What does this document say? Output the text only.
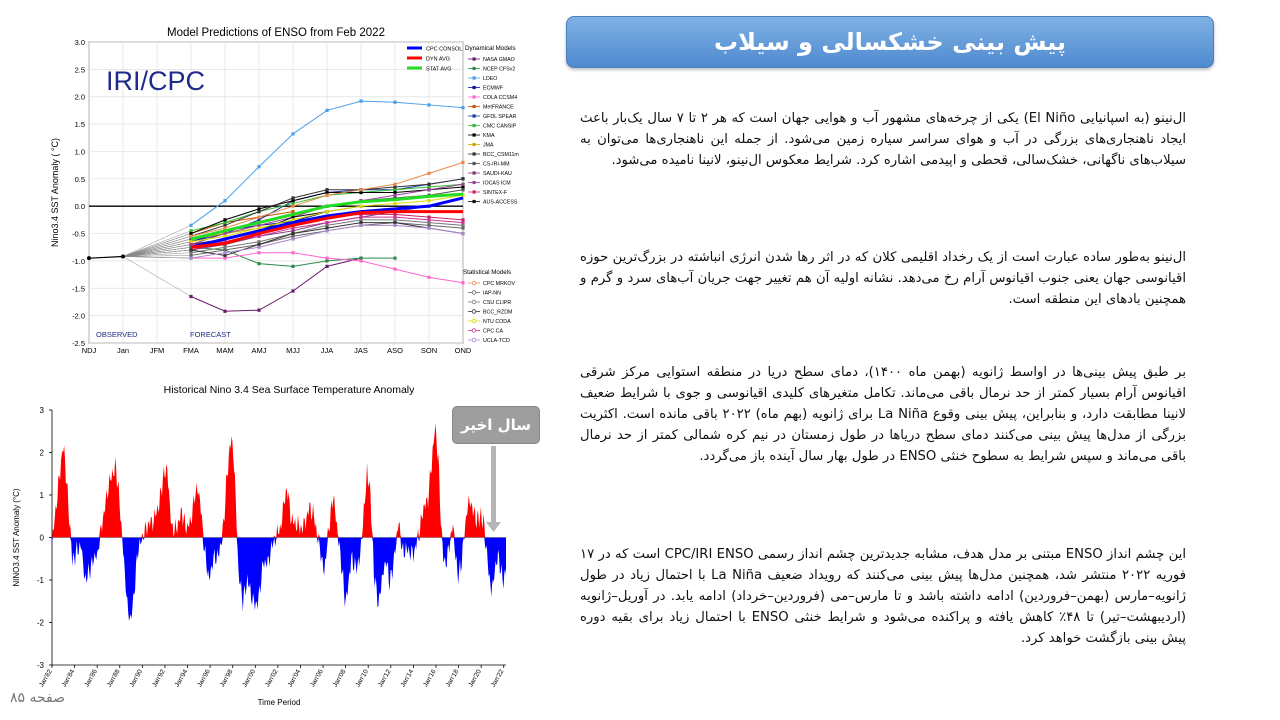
پیش بینی خشکسالی و سیلاب

ال‌نینو (به اسپانیایی El Niño) یکی از چرخه‌های مشهور آب و هوایی جهان است که هر ۲ تا ۷ سال یک‌بار باعث ایجاد ناهنجاری‌های بزرگی در آب و هوای سراسر سیاره زمین می‌شود. از جمله این ناهنجاری‌ها می‌توان به سیلاب‌های ناگهانی، خشک‌سالی، قحطی و اپیدمی اشاره کرد. شرایط معکوس ال‌نینو، لانینا نامیده می‌شود.

ال‌نینو به‌طور ساده عبارت است از یک رخداد اقلیمی کلان که در اثر رها شدن انرژی انباشته در بزرگ‌ترین حوزه اقیانوسی جهان یعنی جنوب اقیانوس آرام رخ می‌دهد. نشانه اولیه آن هم تغییر جهت جریان آب‌های سرد و گرم و همچنین بادهای این منطقه است.

بر طبق پیش بینی‌ها در اواسط ژانویه (بهمن ماه ۱۴۰۰)، دمای سطح دریا در منطقه استوایی مرکز شرقی اقیانوس آرام بسیار کمتر از حد نرمال باقی می‌ماند. تکامل متغیرهای کلیدی اقیانوسی و جوی با شرایط ضعیف لانینا مطابقت دارد، و بنابراین، پیش بینی وقوع La Niña برای ژانویه (بهم ماه) ۲۰۲۲ باقی مانده است. اکثریت بزرگی از مدل‌ها پیش بینی می‌کنند دمای سطح دریاها در طول زمستان در نیم کره شمالی کمتر از حد نرمال باقی می‌ماند و سپس شرایط به سطوح خنثی ENSO در طول بهار سال آینده باز می‌گردد.

این چشم انداز ENSO مبتنی بر مدل هدف، مشابه جدیدترین چشم انداز رسمی CPC/IRI ENSO است که در ۱۷ فوریه ۲۰۲۲ منتشر شد، همچنین مدل‌ها پیش بینی می‌کنند که رویداد ضعیف La Niña با احتمال زیاد در طول ژانویه–مارس (بهمن–فروردین) ادامه داشته باشد و تا مارس–می (فروردین–خرداد) ادامه یابد. در آوریل–ژانویه (اردیبهشت–تیر) تا ۴۸٪ کاهش یافته و پراکنده می‌شود و شرایط خنثی ENSO با احتمال زیاد برای بقیه دوره پیش بینی بازگشت خواهد کرد.

صفحه ۸۵
Model Predictions of ENSO from Feb 2022
3.0
2.5
2.0
1.5
1.0
0.5
0.0
-0.5
-1.0
-1.5
-2.0
-2.5
NDJ	Jan	JFM	FMA MAM AMJ	MJJ	JJA	JAS	ASO SON OND
Nino3.4 SST Anomaly ( °C)
IRI/CPC
OBSERVED	FORECAST
CPC CONSOL
DYN AVG
STAT AVG
Dynamical Models
NASA GMAO
NCEP CFSv2
LDEO
ECMWF
COLA CCSM4
MetFRANCE
GFDL SPEAR
CMC CANSIP
KMA
JMA
BCC_CSM11m
CS-IRI-MM
SAUDI-KAU
IOCAS ICM
SINTEX-F
AUS-ACCESS
Statistical Models
CPC MRKOV
IAP-NN
CSU CLIPR
BCC_RZDM
NTU CODA
CPC CA
UCLA-TCD
Historical Nino 3.4 Sea Surface Temperature Anomaly
3
2
1
0
-1
-2
-3
Jan'82 Jan'84 Jan'86 Jan'88 Jan'90 Jan'92 Jan'94 Jan'96 Jan'98 Jan'00 Jan'02 Jan'04 Jan'06 Jan'08 Jan'10 Jan'12 Jan'14 Jan'16 Jan'18 Jan'20 Jan'22
NINO3.4 SST Anomaly (°C)
Time Period
سال اخیر
